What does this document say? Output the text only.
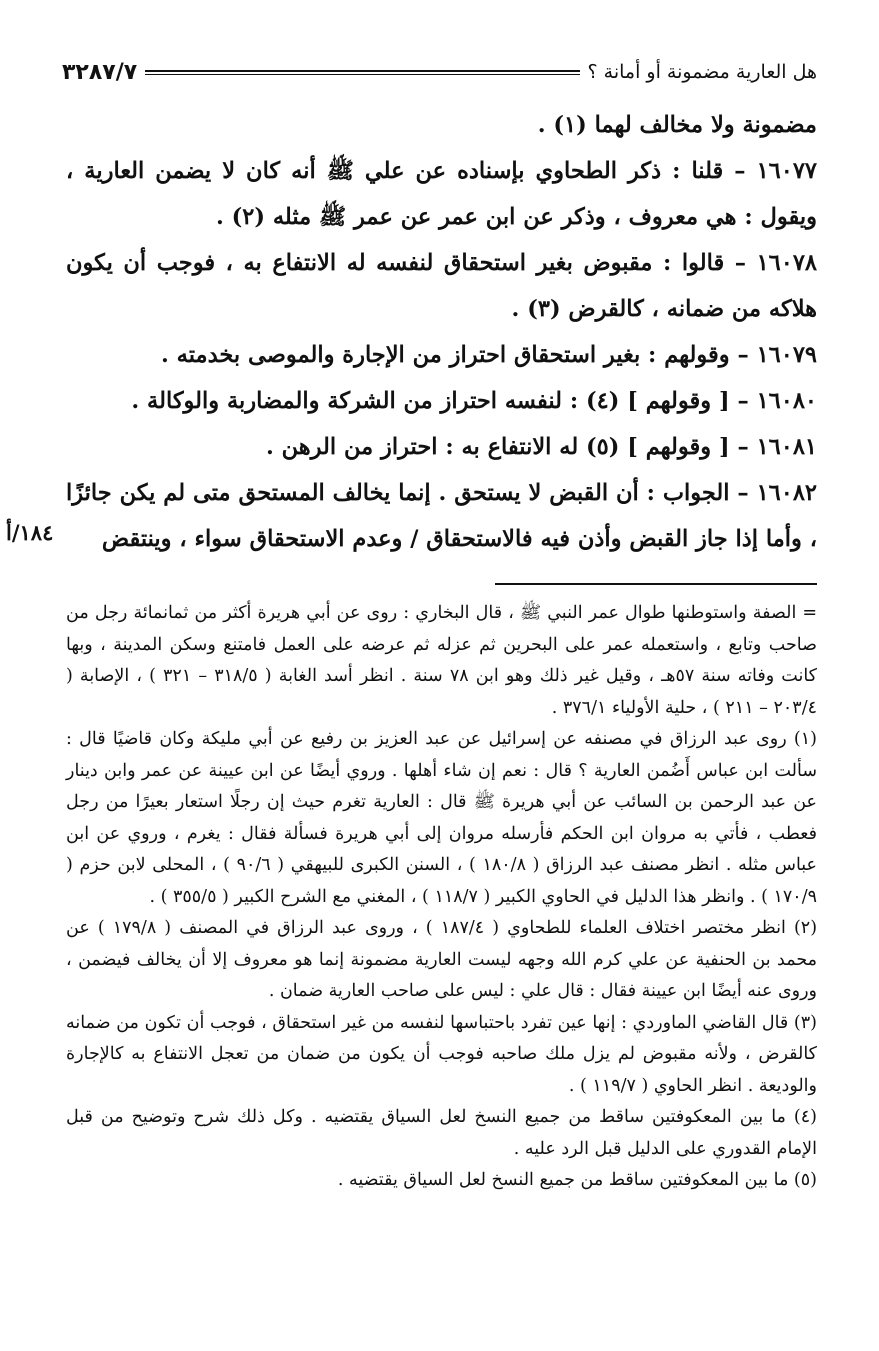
هل العارية مضمونة أو أمانة ؟
٣٢٨٧/٧

مضمونة ولا مخالف لهما (١) .

١٦٠٧٧ – قلنا : ذكر الطحاوي بإسناده عن علي ﷺ أنه كان لا يضمن العارية ، ويقول : هي معروف ، وذكر عن ابن عمر عن عمر ﷺ مثله (٢) .

١٦٠٧٨ – قالوا : مقبوض بغير استحقاق لنفسه له الانتفاع به ، فوجب أن يكون هلاكه من ضمانه ، كالقرض (٣) .

١٦٠٧٩ – وقولهم : بغير استحقاق احتراز من الإجارة والموصى بخدمته .

١٦٠٨٠ – [ وقولهم ] (٤) : لنفسه احتراز من الشركة والمضاربة والوكالة .

١٦٠٨١ – [ وقولهم ] (٥) له الانتفاع به : احتراز من الرهن .

١٦٠٨٢ – الجواب : أن القبض لا يستحق . إنما يخالف المستحق متى لم يكن جائزًا ، وأما إذا جاز القبض وأذن فيه فالاستحقاق / وعدم الاستحقاق سواء ، وينتقض

١٨٤/أ

=الصفة واستوطنها طوال عمر النبي ﷺ ، قال البخاري : روى عن أبي هريرة أكثر من ثمانمائة رجل من صاحب وتابع ، واستعمله عمر على البحرين ثم عزله ثم عرضه على العمل فامتنع وسكن المدينة ، وبها كانت وفاته سنة ٥٧هـ ، وقيل غير ذلك وهو ابن ٧٨ سنة . انظر أسد الغابة ( ٣١٨/٥ – ٣٢١ ) ، الإصابة ( ٢٠٣/٤ – ٢١١ ) ، حلية الأولياء ٣٧٦/١ .

(١) روى عبد الرزاق في مصنفه عن إسرائيل عن عبد العزيز بن رفيع عن أبي مليكة وكان قاضيًا قال : سألت ابن عباس أَضُمن العارية ؟ قال : نعم إن شاء أهلها . وروي أيضًا عن ابن عيينة عن عمر وابن دينار عن عبد الرحمن بن السائب عن أبي هريرة ﷺ قال : العارية تغرم حيث إن رجلًا استعار بعيرًا من رجل فعطب ، فأتي به مروان ابن الحكم فأرسله مروان إلى أبي هريرة فسألة فقال : يغرم ، وروي عن ابن عباس مثله . انظر مصنف عبد الرزاق ( ١٨٠/٨ ) ، السنن الكبرى للبيهقي ( ٩٠/٦ ) ، المحلى لابن حزم ( ١٧٠/٩ ) . وانظر هذا الدليل في الحاوي الكبير ( ١١٨/٧ ) ، المغني مع الشرح الكبير ( ٣٥٥/٥ ) .

(٢) انظر مختصر اختلاف العلماء للطحاوي ( ١٨٧/٤ ) ، وروى عبد الرزاق في المصنف ( ١٧٩/٨ ) عن محمد بن الحنفية عن علي كرم الله وجهه ليست العارية مضمونة إنما هو معروف إلا أن يخالف فيضمن ، وروى عنه أيضًا ابن عيينة فقال : قال علي : ليس على صاحب العارية ضمان .

(٣) قال القاضي الماوردي : إنها عين تفرد باحتباسها لنفسه من غير استحقاق ، فوجب أن تكون من ضمانه كالقرض ، ولأنه مقبوض لم يزل ملك صاحبه فوجب أن يكون من ضمان من تعجل الانتفاع به كالإجارة والوديعة . انظر الحاوي ( ١١٩/٧ ) .

(٤) ما بين المعكوفتين ساقط من جميع النسخ لعل السياق يقتضيه . وكل ذلك شرح وتوضيح من قبل الإمام القدوري على الدليل قبل الرد عليه .

(٥) ما بين المعكوفتين ساقط من جميع النسخ لعل السياق يقتضيه .
